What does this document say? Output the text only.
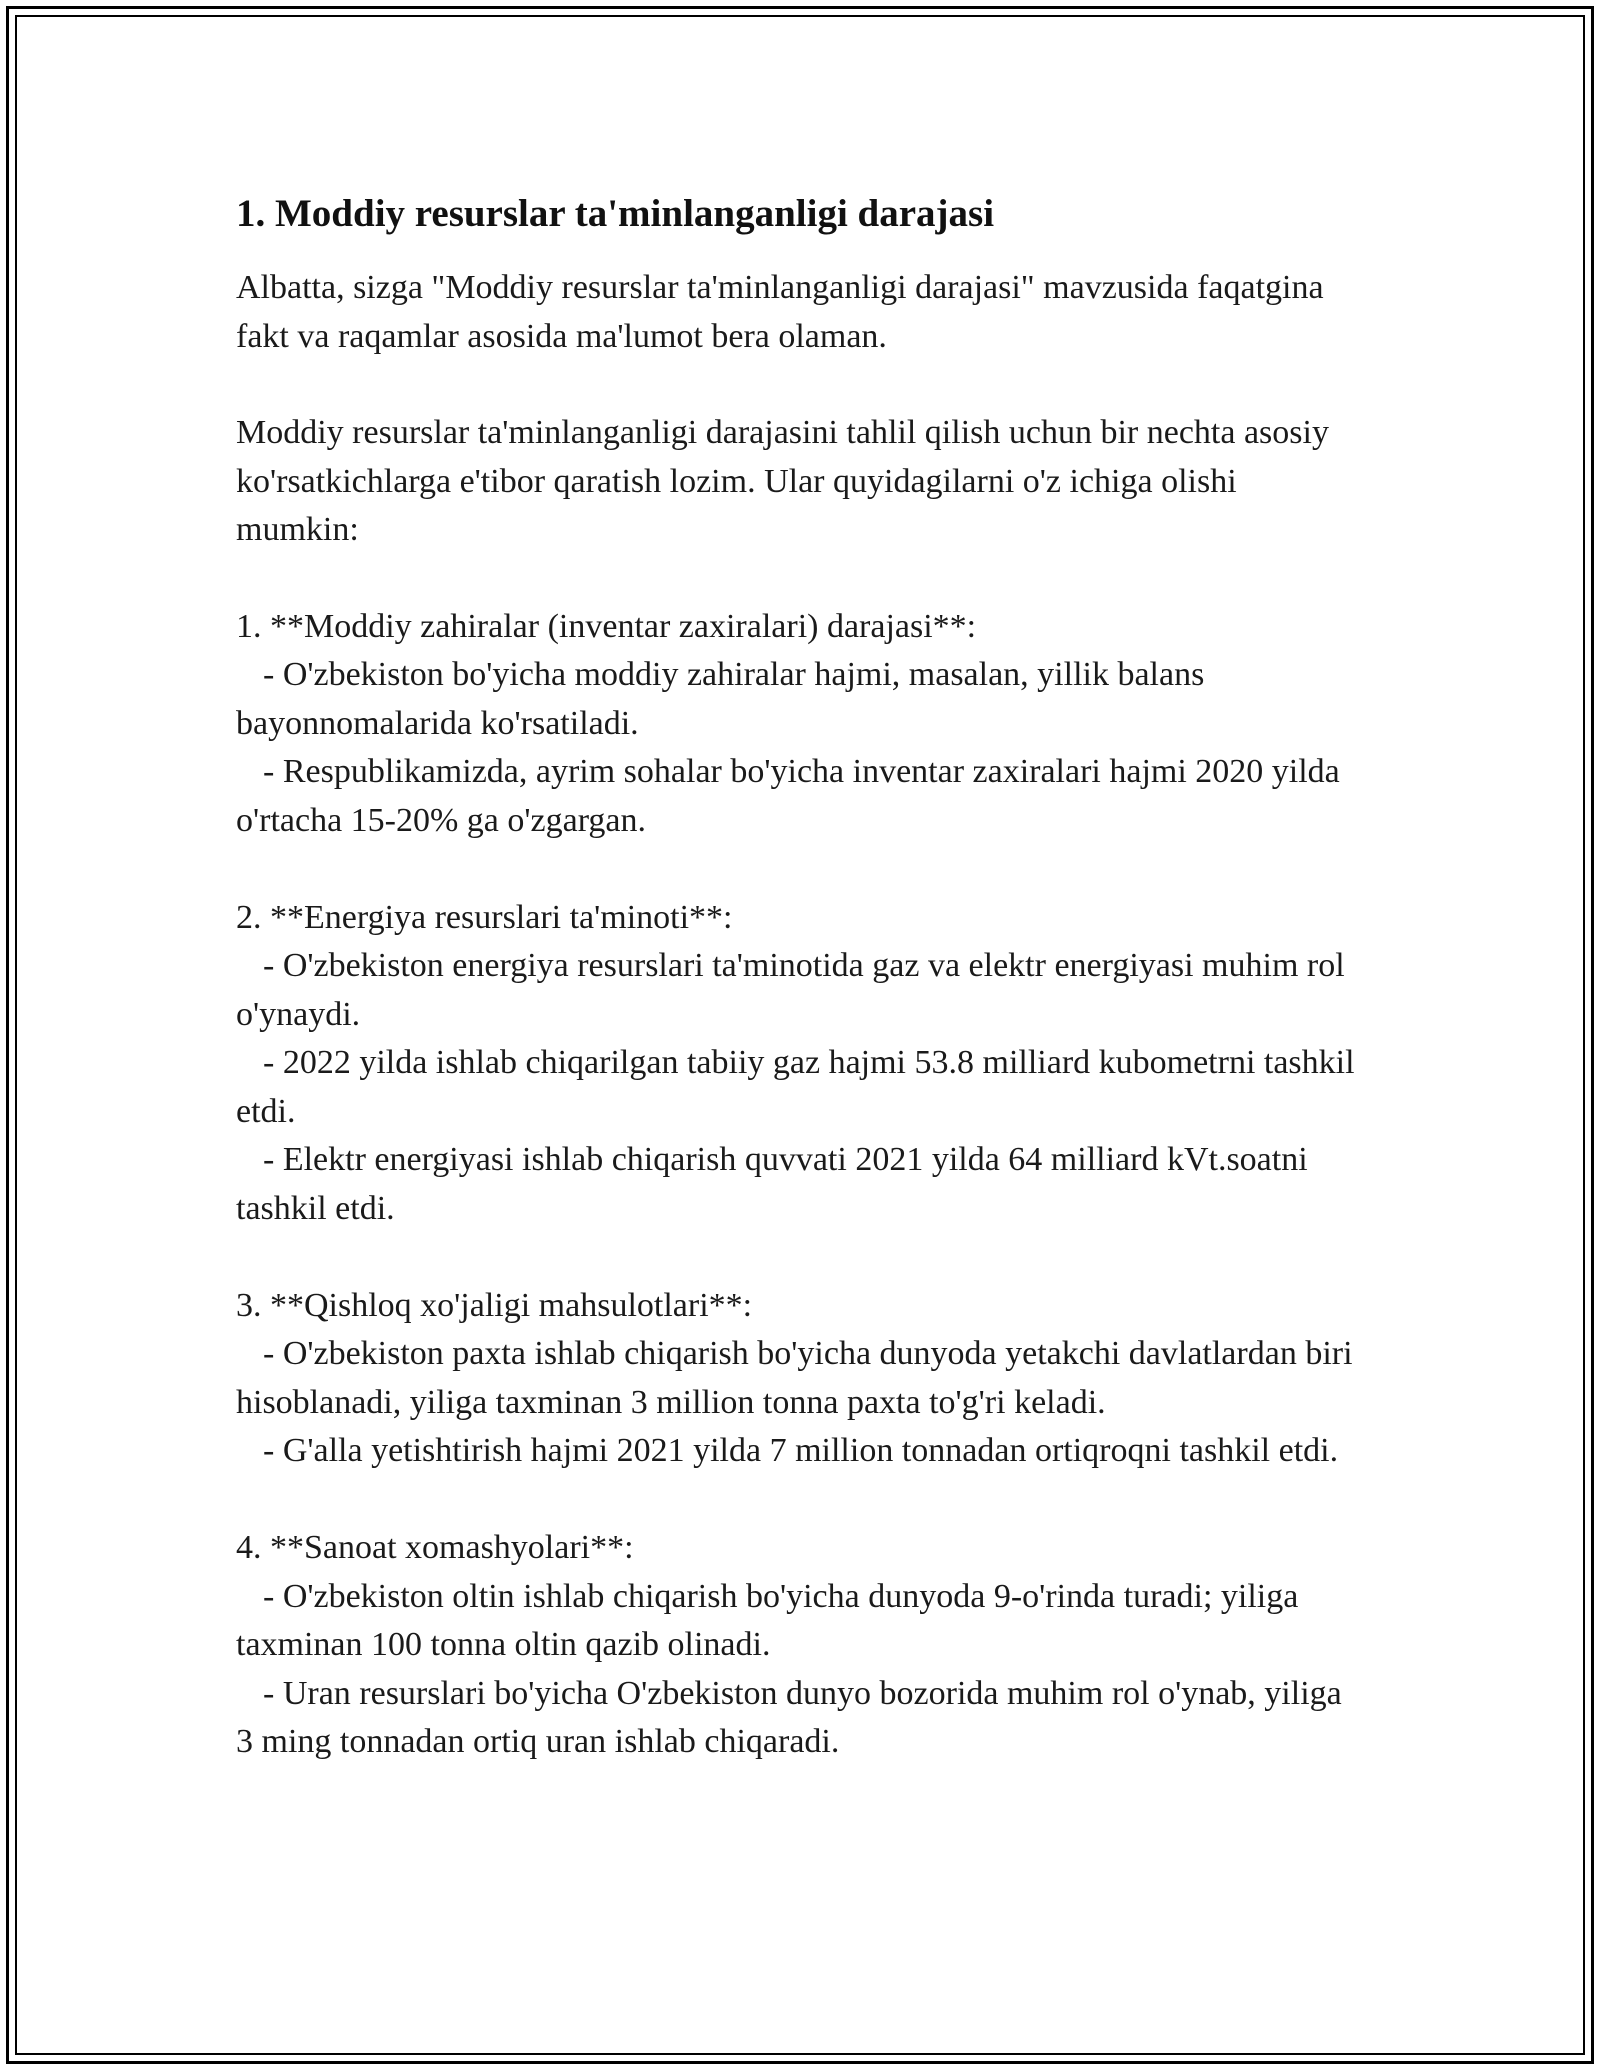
1. Moddiy resurslar ta'minlanganligi darajasi

Albatta, sizga "Moddiy resurslar ta'minlanganligi darajasi" mavzusida faqatgina fakt va raqamlar asosida ma'lumot bera olaman.

Moddiy resurslar ta'minlanganligi darajasini tahlil qilish uchun bir nechta asosiy ko'rsatkichlarga e'tibor qaratish lozim. Ular quyidagilarni o'z ichiga olishi mumkin:

1. **Moddiy zahiralar (inventar zaxiralari) darajasi**:

- O'zbekiston bo'yicha moddiy zahiralar hajmi, masalan, yillik balans bayonnomalarida ko'rsatiladi.

- Respublikamizda, ayrim sohalar bo'yicha inventar zaxiralari hajmi 2020 yilda o'rtacha 15-20% ga o'zgargan.

2. **Energiya resurslari ta'minoti**:

- O'zbekiston energiya resurslari ta'minotida gaz va elektr energiyasi muhim rol o'ynaydi.

- 2022 yilda ishlab chiqarilgan tabiiy gaz hajmi 53.8 milliard kubometrni tashkil etdi.

- Elektr energiyasi ishlab chiqarish quvvati 2021 yilda 64 milliard kVt.soatni tashkil etdi.

3. **Qishloq xo'jaligi mahsulotlari**:

- O'zbekiston paxta ishlab chiqarish bo'yicha dunyoda yetakchi davlatlardan biri hisoblanadi, yiliga taxminan 3 million tonna paxta to'g'ri keladi.

- G'alla yetishtirish hajmi 2021 yilda 7 million tonnadan ortiqroqni tashkil etdi.

4. **Sanoat xomashyolari**:

- O'zbekiston oltin ishlab chiqarish bo'yicha dunyoda 9-o'rinda turadi; yiliga taxminan 100 tonna oltin qazib olinadi.

- Uran resurslari bo'yicha O'zbekiston dunyo bozorida muhim rol o'ynab, yiliga 3 ming tonnadan ortiq uran ishlab chiqaradi.
